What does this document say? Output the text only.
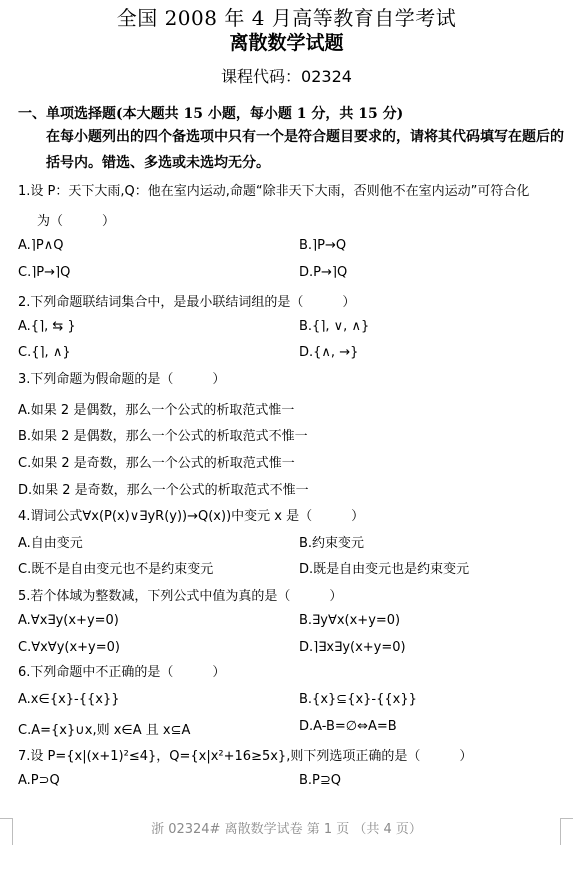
全国 2008 年 4 月高等教育自学考试
离散数学试题
课程代码：02324
一、单项选择题(本大题共 15 小题，每小题 1 分，共 15 分)
在每小题列出的四个备选项中只有一个是符合题目要求的，请将其代码填写在题后的
括号内。错选、多选或未选均无分。
1.设 P：天下大雨,Q：他在室内运动,命题“除非天下大雨，否则他不在室内运动”可符合化
为（　　　）
A.⌉P∧Q	B.⌉P→Q
C.⌉P→⌉Q	D.P→⌉Q
2.下列命题联结词集合中，是最小联结词组的是（　　　）
A.{⌉, ⇆ }	B.{⌉, ∨, ∧}
C.{⌉, ∧}	D.{∧, →}
3.下列命题为假命题的是（　　　）
A.如果 2 是偶数，那么一个公式的析取范式惟一
B.如果 2 是偶数，那么一个公式的析取范式不惟一
C.如果 2 是奇数，那么一个公式的析取范式惟一
D.如果 2 是奇数，那么一个公式的析取范式不惟一
4.谓词公式∀x(P(x)∨∃yR(y))→Q(x))中变元 x 是（　　　）
A.自由变元	B.约束变元
C.既不是自由变元也不是约束变元	D.既是自由变元也是约束变元
5.若个体域为整数减，下列公式中值为真的是（　　　）
A.∀x∃y(x+y=0)	B.∃y∀x(x+y=0)
C.∀x∀y(x+y=0)	D.⌉∃x∃y(x+y=0)
6.下列命题中不正确的是（　　　）
A.x∈{x}-{{x}}	B.{x}⊆{x}-{{x}}
C.A={x}∪x,则 x∈A 且 x⊆A	D.A-B=∅⇔A=B
7.设 P={x|(x+1)²≤4}，Q={x|x²+16≥5x},则下列选项正确的是（　　　）
A.P⊃Q	B.P⊇Q
浙 02324# 离散数学试卷 第 1 页 （共 4 页）
